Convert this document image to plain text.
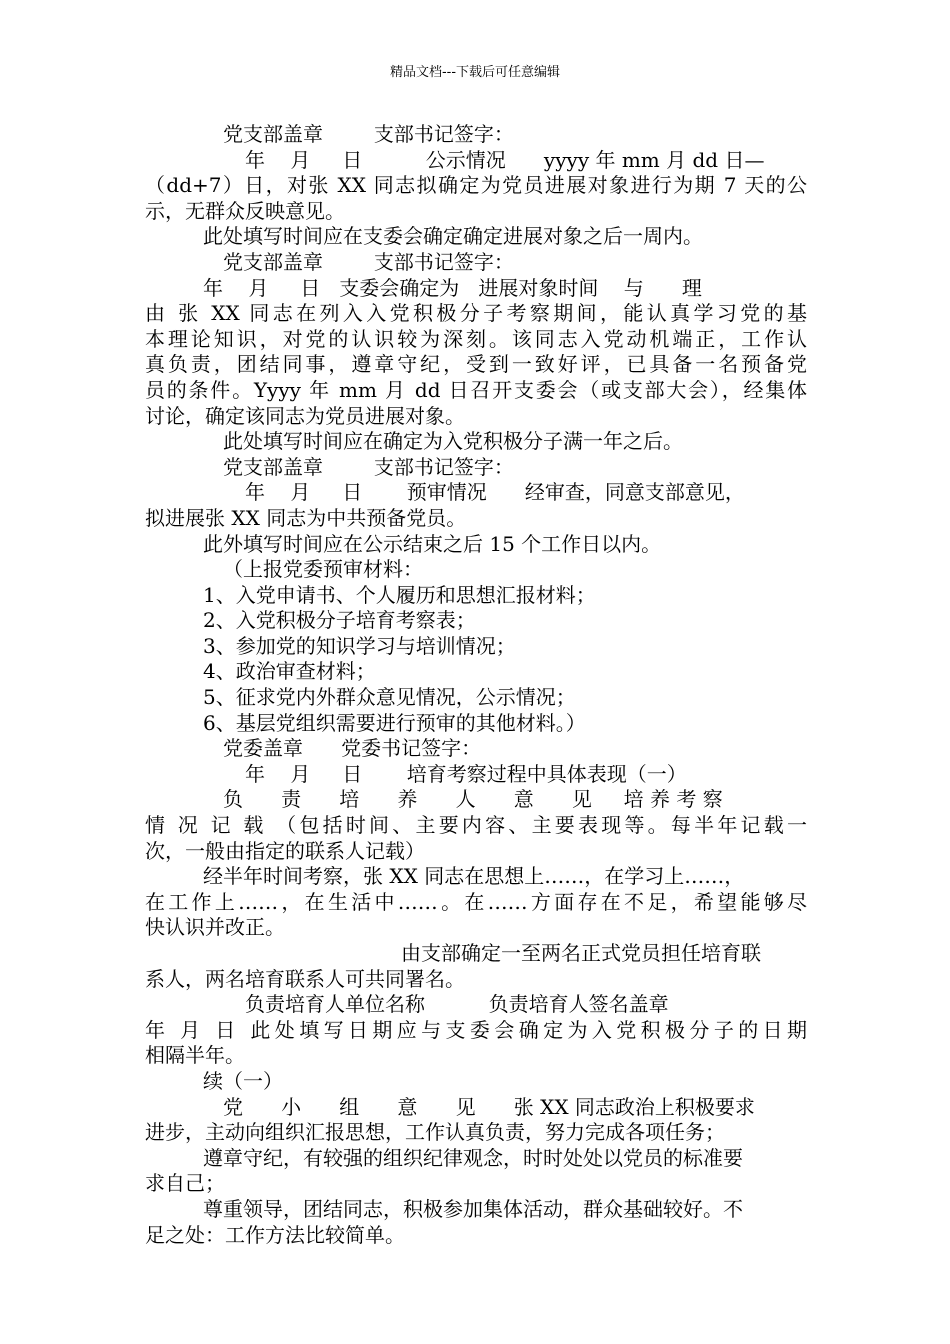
精品文档---下载后可任意编辑
党支部盖章        支部书记签字：
年    月     日          公示情况      yyyy 年 mm 月 dd 日—
（dd+7）日，对张 XX 同志拟确定为党员进展对象进行为期 7 天的公
示，无群众反映意见。
此处填写时间应在支委会确定确定进展对象之后一周内。
党支部盖章        支部书记签字：
年    月     日   支委会确定为   进展对象时间    与      理
由 张 XX 同志在列入入党积极分子考察期间，能认真学习党的基
本理论知识，对党的认识较为深刻。该同志入党动机端正，工作认
真负责，团结同事，遵章守纪，受到一致好评，已具备一名预备党
员的条件。Yyyy 年 mm 月 dd 日召开支委会（或支部大会），经集体
讨论，确定该同志为党员进展对象。
此处填写时间应在确定为入党积极分子满一年之后。
党支部盖章        支部书记签字：
年    月     日       预审情况      经审查，同意支部意见，
拟进展张 XX 同志为中共预备党员。
此外填写时间应在公示结束之后 15 个工作日以内。
（上报党委预审材料：
1、入党申请书、个人履历和思想汇报材料；
2、入党积极分子培育考察表；
3、参加党的知识学习与培训情况；
4、政治审查材料；
5、征求党内外群众意见情况，公示情况；
6、基层党组织需要进行预审的其他材料。）
党委盖章      党委书记签字：
年    月     日       培育考察过程中具体表现（一）
负      责      培      养      人      意      见     培 养 考 察
情 况 记 载 （包括时间、主要内容、主要表现等。每半年记载一
次，一般由指定的联系人记载）
经半年时间考察，张 XX 同志在思想上……，在学习上……，
在工作上……，在生活中……。在……方面存在不足，希望能够尽
快认识并改正。
由支部确定一至两名正式党员担任培育联
系人，两名培育联系人可共同署名。
负责培育人单位名称          负责培育人签名盖章
年 月 日 此处填写日期应与支委会确定为入党积极分子的日期
相隔半年。
续（一）
党      小      组      意      见      张 XX 同志政治上积极要求
进步，主动向组织汇报思想，工作认真负责，努力完成各项任务；
遵章守纪，有较强的组织纪律观念，时时处处以党员的标准要
求自己；
尊重领导，团结同志，积极参加集体活动，群众基础较好。不
足之处：工作方法比较简单。
